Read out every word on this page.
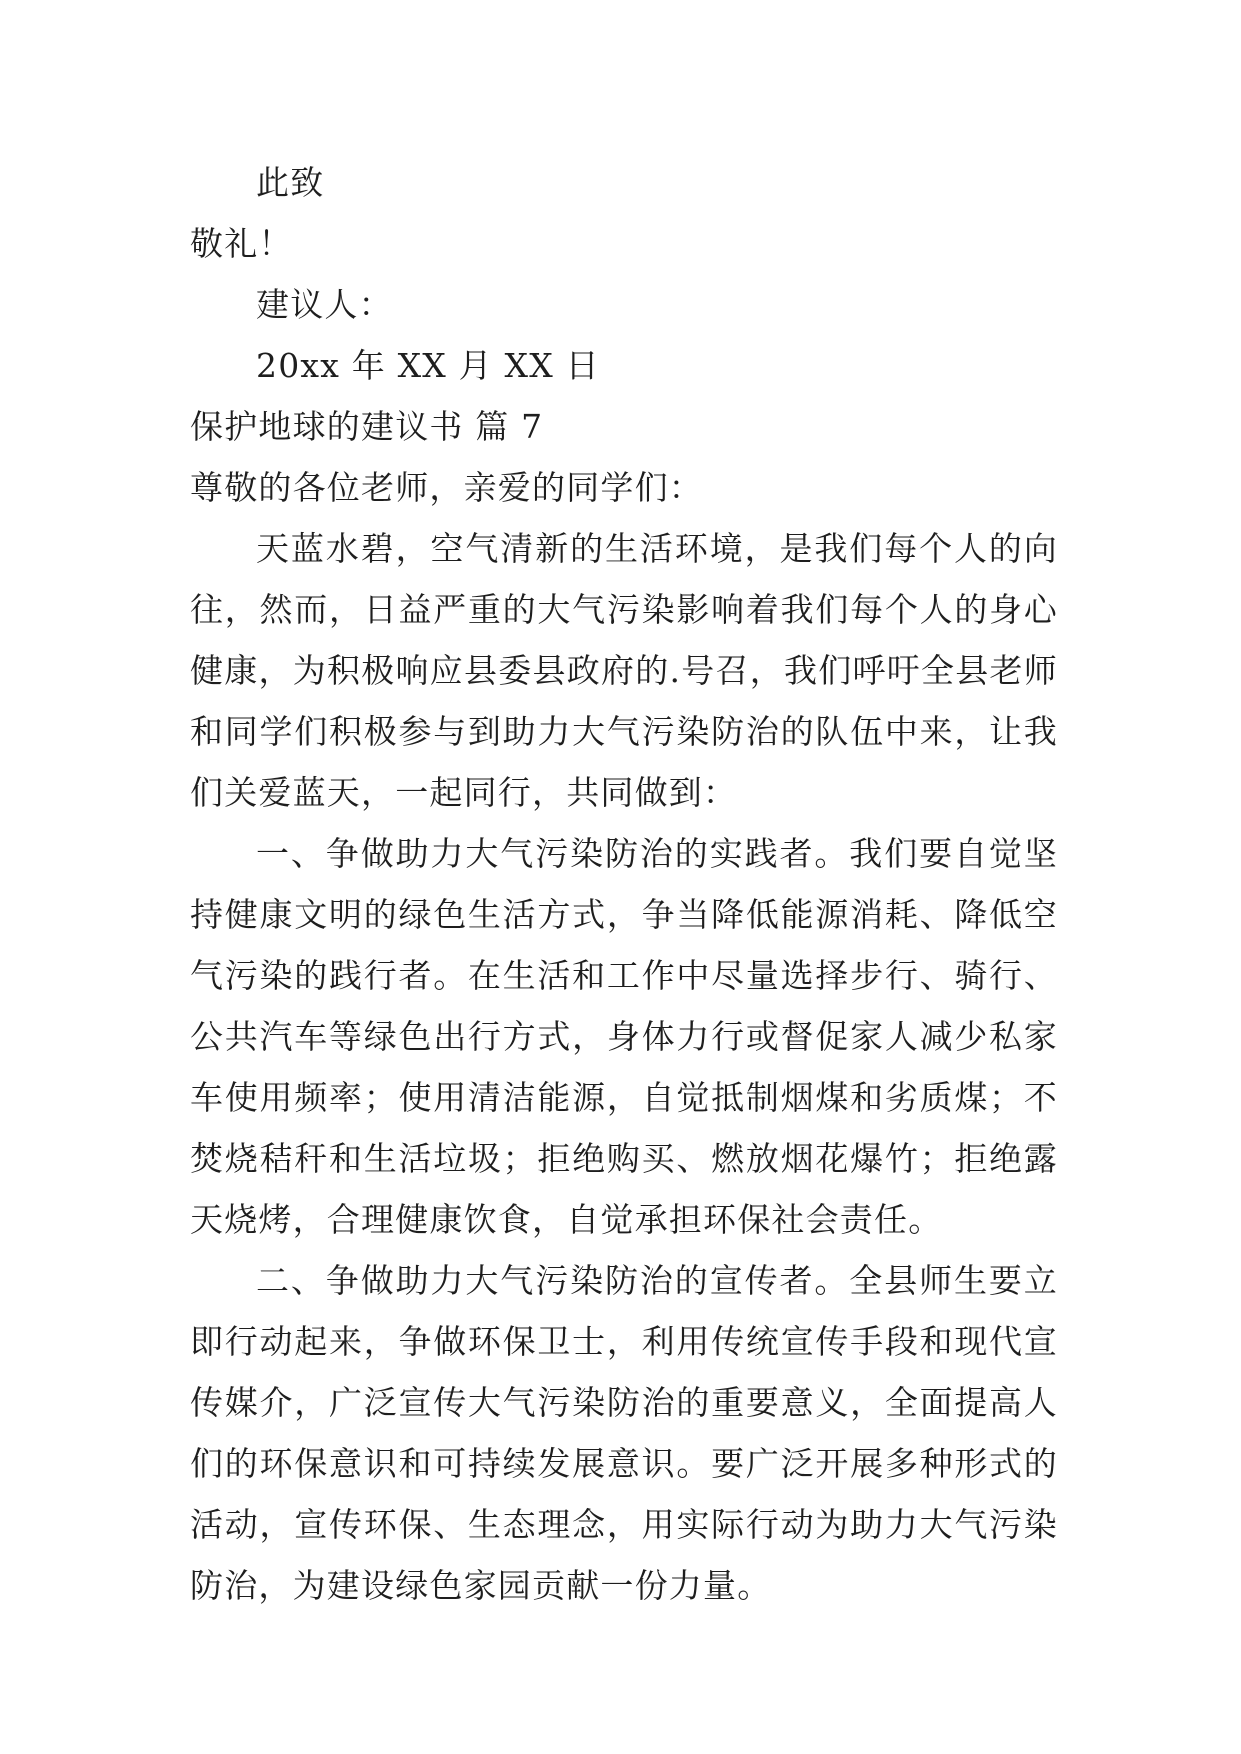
此致
敬礼！
建议人：
20xx 年 XX 月 XX 日
保护地球的建议书 篇 7
尊敬的各位老师，亲爱的同学们：

天蓝水碧，空气清新的生活环境，是我们每个人的向往，然而，日益严重的大气污染影响着我们每个人的身心健康，为积极响应县委县政府的.号召，我们呼吁全县老师和同学们积极参与到助力大气污染防治的队伍中来，让我们关爱蓝天，一起同行，共同做到：

一、争做助力大气污染防治的实践者。我们要自觉坚持健康文明的绿色生活方式，争当降低能源消耗、降低空气污染的践行者。在生活和工作中尽量选择步行、骑行、公共汽车等绿色出行方式，身体力行或督促家人减少私家车使用频率；使用清洁能源，自觉抵制烟煤和劣质煤；不焚烧秸秆和生活垃圾；拒绝购买、燃放烟花爆竹；拒绝露天烧烤，合理健康饮食，自觉承担环保社会责任。

二、争做助力大气污染防治的宣传者。全县师生要立即行动起来，争做环保卫士，利用传统宣传手段和现代宣传媒介，广泛宣传大气污染防治的重要意义，全面提高人们的环保意识和可持续发展意识。要广泛开展多种形式的活动，宣传环保、生态理念，用实际行动为助力大气污染防治，为建设绿色家园贡献一份力量。
